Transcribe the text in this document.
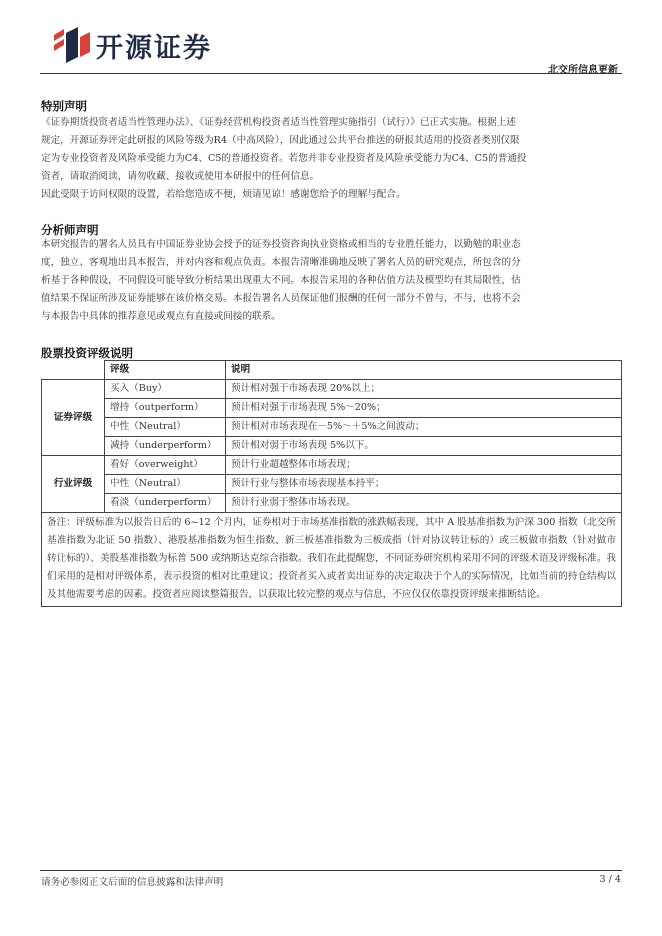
开源证券
北交所信息更新
特别声明
《证券期货投资者适当性管理办法》、《证券经营机构投资者适当性管理实施指引（试行）》已正式实施。根据上述
规定，开源证券评定此研报的风险等级为R4（中高风险），因此通过公共平台推送的研报其适用的投资者类别仅限
定为专业投资者及风险承受能力为C4、C5的普通投资者。若您并非专业投资者及风险承受能力为C4、C5的普通投
资者，请取消阅读，请勿收藏、接收或使用本研报中的任何信息。
因此受限于访问权限的设置，若给您造成不便，烦请见谅！感谢您给予的理解与配合。
分析师声明
本研究报告的署名人员具有中国证券业协会授予的证券投资咨询执业资格或相当的专业胜任能力，以勤勉的职业态
度，独立、客观地出具本报告，并对内容和观点负责。本报告清晰准确地反映了署名人员的研究观点，所包含的分
析基于各种假设，不同假设可能导致分析结果出现重大不同。本报告采用的各种估值方法及模型均有其局限性，估
值结果不保证所涉及证券能够在该价格交易。本报告署名人员保证他们报酬的任何一部分不曾与，不与，也将不会
与本报告中具体的推荐意见或观点有直接或间接的联系。
股票投资评级说明
	评级	说明
证券评级	买入（Buy）	预计相对强于市场表现 20%以上；
	增持（outperform）	预计相对强于市场表现 5%～20%；
	中性（Neutral）	预计相对市场表现在－5%～＋5%之间波动；
	减持（underperform）	预计相对弱于市场表现 5%以下。
行业评级	看好（overweight）	预计行业超越整体市场表现；
	中性（Neutral）	预计行业与整体市场表现基本持平；
	看淡（underperform）	预计行业弱于整体市场表现。
备注：评级标准为以报告日后的 6~12 个月内，证券相对于市场基准指数的涨跌幅表现，其中 A 股基准指数为沪深 300 指数（北交所基准指数为北证 50 指数）、港股基准指数为恒生指数、新三板基准指数为三板成指（针对协议转让标的）或三板做市指数（针对做市转让标的）、美股基准指数为标普 500 或纳斯达克综合指数。我们在此提醒您，不同证券研究机构采用不同的评级术语及评级标准。我们采用的是相对评级体系，表示投资的相对比重建议；投资者买入或者卖出证券的决定取决于个人的实际情况，比如当前的持仓结构以及其他需要考虑的因素。投资者应阅读整篇报告，以获取比较完整的观点与信息，不应仅仅依靠投资评级来推断结论。		
请务必参阅正文后面的信息披露和法律声明	3 / 4
